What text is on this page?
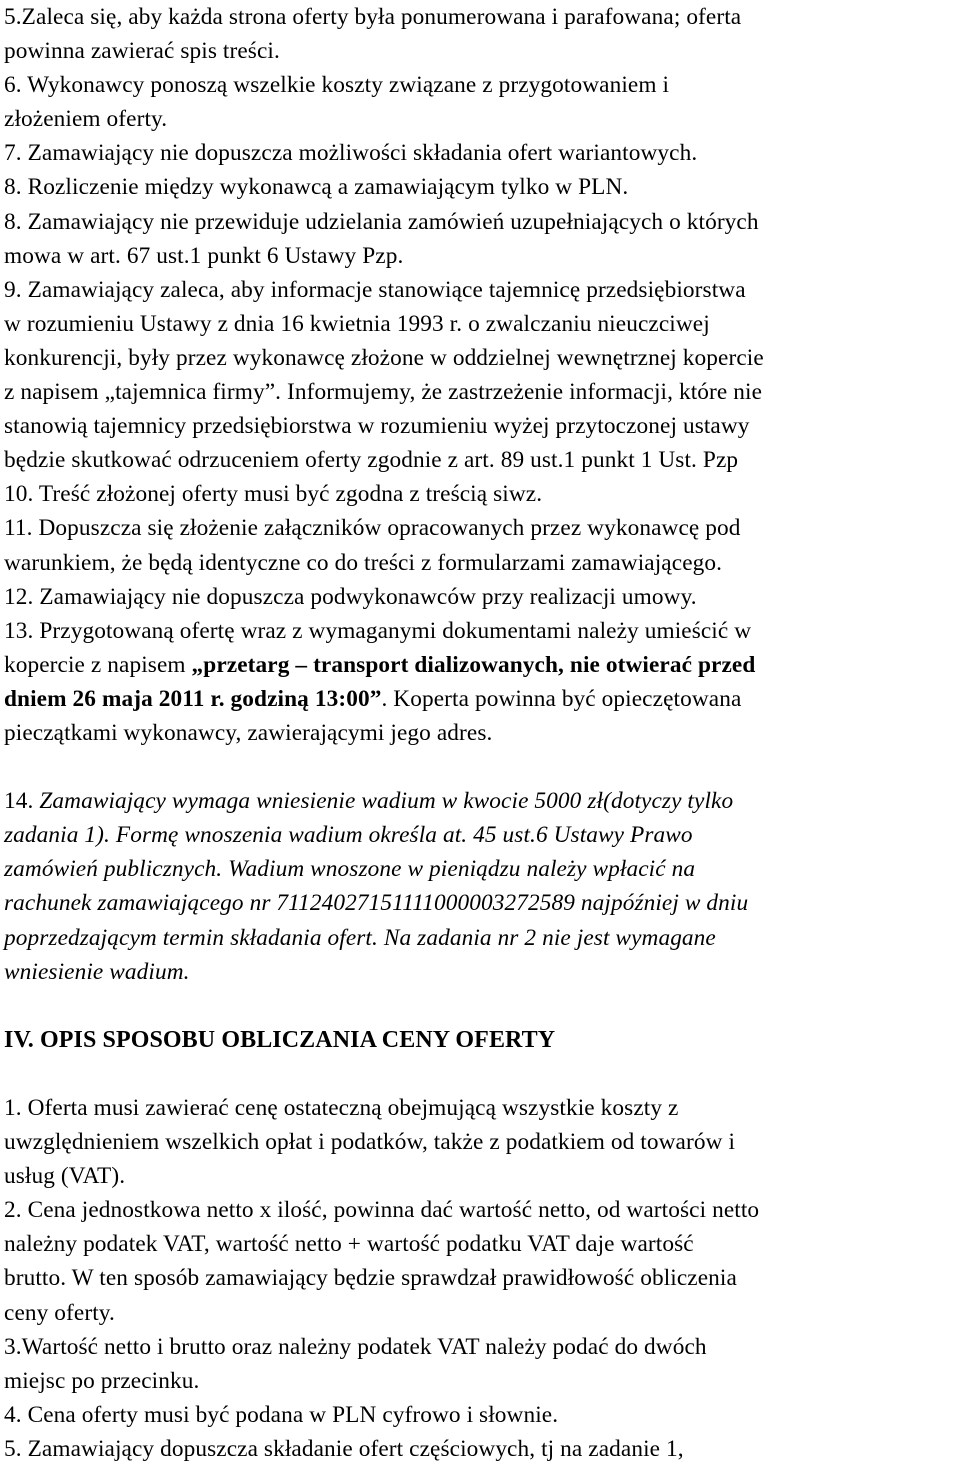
5.Zaleca się, aby każda strona oferty była ponumerowana i parafowana; oferta
powinna zawierać spis treści.
6. Wykonawcy ponoszą wszelkie koszty związane z przygotowaniem i
złożeniem oferty.
7. Zamawiający nie dopuszcza możliwości składania ofert wariantowych.
8. Rozliczenie między wykonawcą a zamawiającym tylko w PLN.
8. Zamawiający nie przewiduje udzielania zamówień uzupełniających o których
mowa w art. 67 ust.1 punkt 6 Ustawy Pzp.
9. Zamawiający zaleca, aby informacje stanowiące tajemnicę przedsiębiorstwa
w rozumieniu Ustawy z dnia 16 kwietnia 1993 r. o zwalczaniu nieuczciwej
konkurencji, były przez wykonawcę złożone w oddzielnej wewnętrznej kopercie
z napisem „tajemnica firmy”. Informujemy, że zastrzeżenie informacji, które nie
stanowią tajemnicy przedsiębiorstwa w rozumieniu wyżej przytoczonej ustawy
będzie skutkować odrzuceniem oferty zgodnie z art. 89 ust.1 punkt 1 Ust. Pzp
10. Treść złożonej oferty musi być zgodna z treścią siwz.
11. Dopuszcza się złożenie załączników opracowanych przez wykonawcę pod
warunkiem, że będą identyczne co do treści z formularzami zamawiającego.
12. Zamawiający nie dopuszcza podwykonawców przy realizacji umowy.
13. Przygotowaną ofertę wraz z wymaganymi dokumentami należy umieścić w
kopercie z napisem „przetarg – transport dializowanych, nie otwierać przed
dniem 26 maja 2011 r. godziną 13:00”. Koperta powinna być opieczętowana
pieczątkami wykonawcy, zawierającymi jego adres.
14. Zamawiający wymaga wniesienie wadium w kwocie 5000 zł(dotyczy tylko
zadania 1). Formę wnoszenia wadium określa at. 45 ust.6 Ustawy Prawo
zamówień publicznych. Wadium wnoszone w pieniądzu należy wpłacić na
rachunek zamawiającego nr 71124027151111000003272589 najpóźniej w dniu
poprzedzającym termin składania ofert. Na zadania nr 2 nie jest wymagane
wniesienie wadium.
IV. OPIS SPOSOBU OBLICZANIA CENY OFERTY
1. Oferta musi zawierać cenę ostateczną obejmującą wszystkie koszty z
uwzględnieniem wszelkich opłat i podatków, także z podatkiem od towarów i
usług (VAT).
2. Cena jednostkowa netto x ilość, powinna dać wartość netto, od wartości netto
należny podatek VAT, wartość netto + wartość podatku VAT daje wartość
brutto. W ten sposób zamawiający będzie sprawdzał prawidłowość obliczenia
ceny oferty.
3.Wartość netto i brutto oraz należny podatek VAT należy podać do dwóch
miejsc po przecinku.
4. Cena oferty musi być podana w PLN cyfrowo i słownie.
5. Zamawiający dopuszcza składanie ofert częściowych, tj na zadanie 1,
